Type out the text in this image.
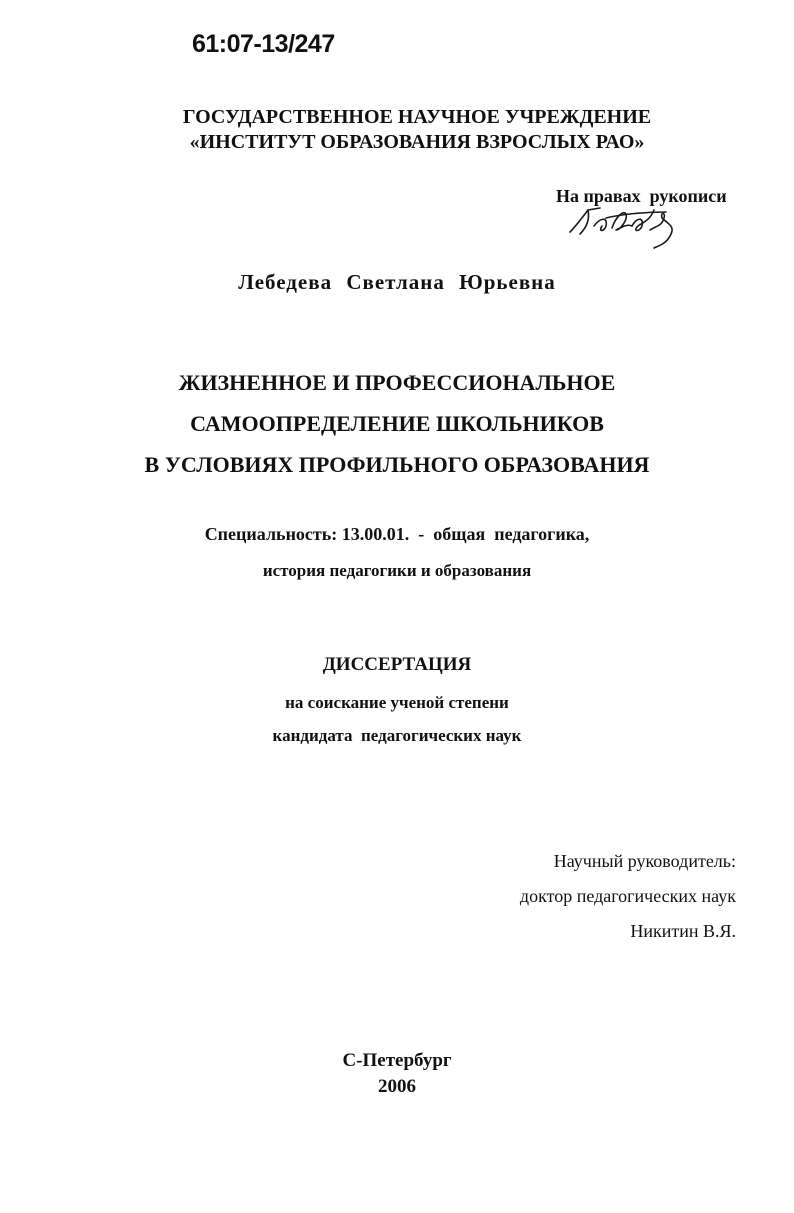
61:07-13/247
ГОСУДАРСТВЕННОЕ НАУЧНОЕ УЧРЕЖДЕНИЕ
«ИНСТИТУТ ОБРАЗОВАНИЯ ВЗРОСЛЫХ РАО»
На правах  рукописи
Лебедева Светлана Юрьевна
ЖИЗНЕННОЕ И ПРОФЕССИОНАЛЬНОЕ
САМООПРЕДЕЛЕНИЕ ШКОЛЬНИКОВ
В УСЛОВИЯХ ПРОФИЛЬНОГО ОБРАЗОВАНИЯ
Специальность: 13.00.01.  -  общая  педагогика,
история педагогики и образования
ДИССЕРТАЦИЯ
на соискание ученой степени
кандидата  педагогических наук
Научный руководитель:
доктор педагогических наук
Никитин В.Я.
С-Петербург
2006
